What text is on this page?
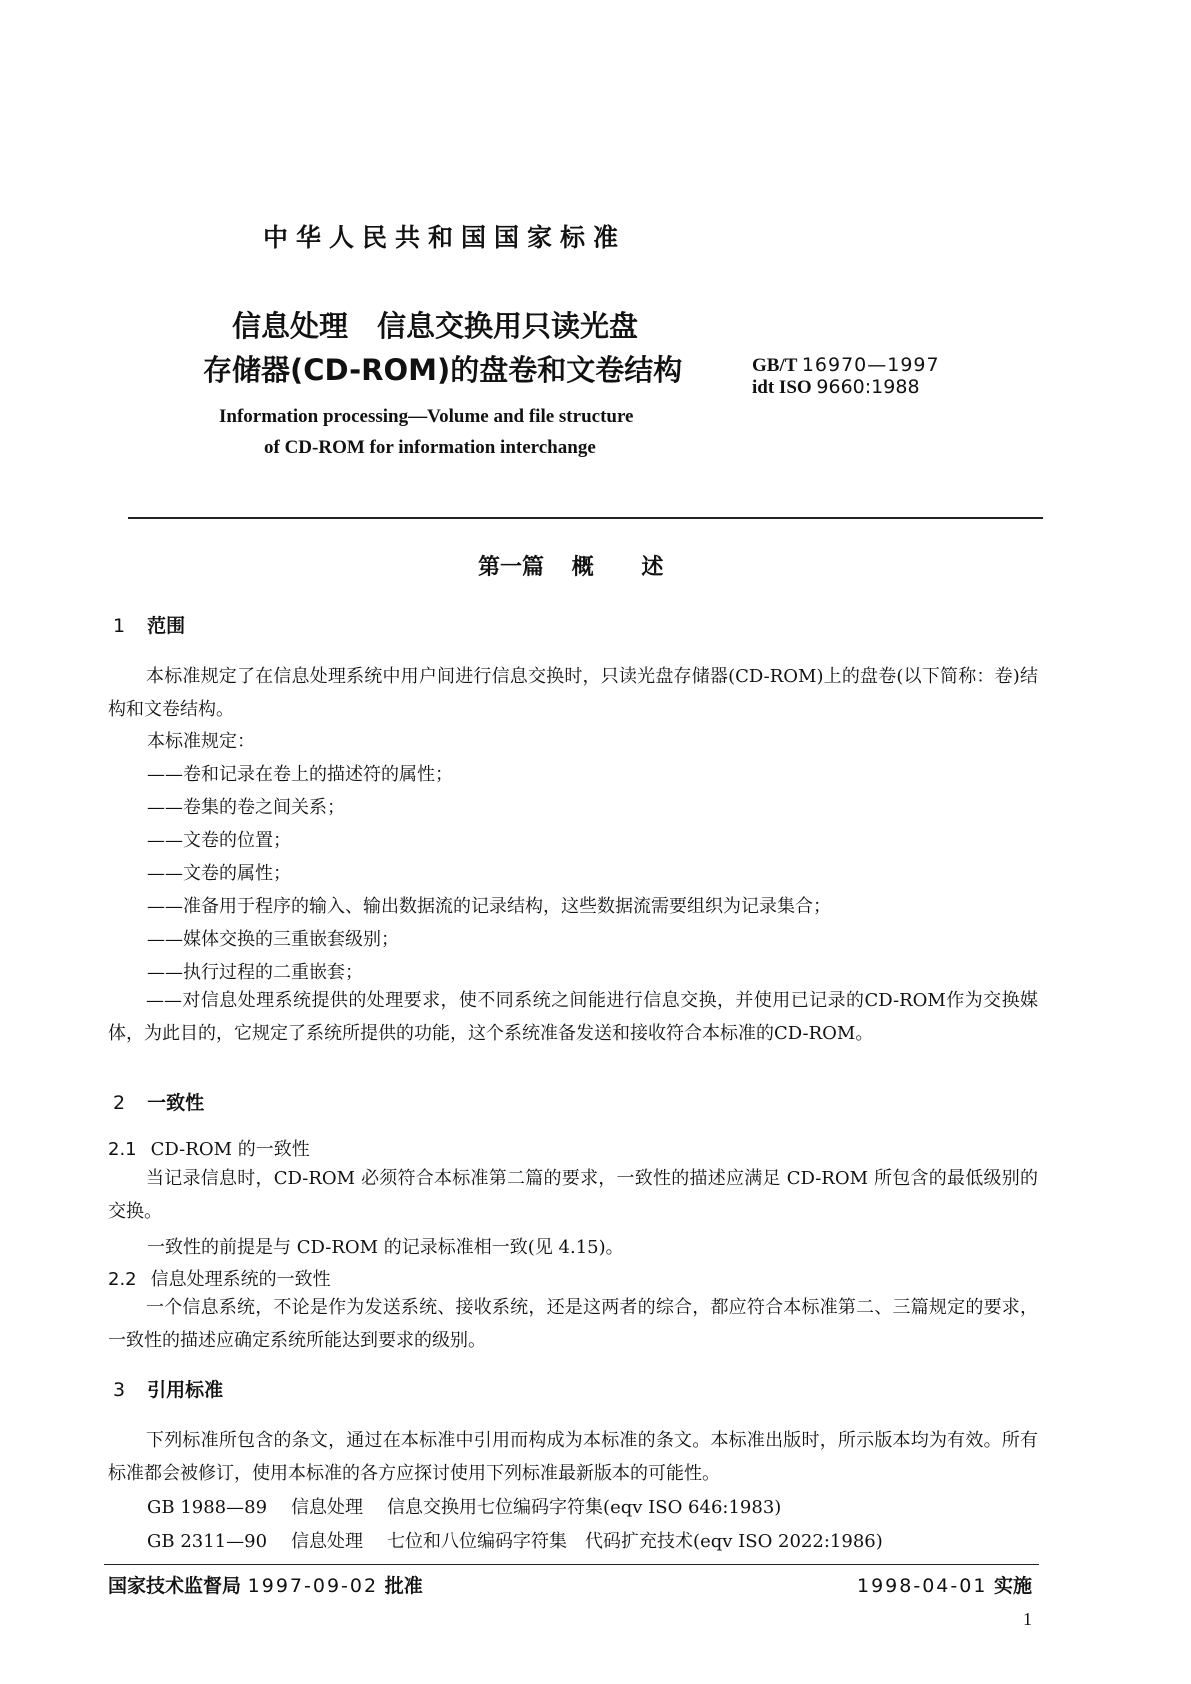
中华人民共和国国家标准
信息处理　信息交换用只读光盘
存储器(CD-ROM)的盘卷和文卷结构	GB/T 16970—1997
idt ISO 9660:1988
Information processing—Volume and file structure
of CD-ROM for information interchange
第一篇 概 述
1 范围
本标准规定了在信息处理系统中用户间进行信息交换时，只读光盘存储器(CD-ROM)上的盘卷(以下简称：卷)结构和文卷结构。
本标准规定：
——卷和记录在卷上的描述符的属性；
——卷集的卷之间关系；
——文卷的位置；
——文卷的属性；
——准备用于程序的输入、输出数据流的记录结构，这些数据流需要组织为记录集合；
——媒体交换的三重嵌套级别；
——执行过程的二重嵌套；
——对信息处理系统提供的处理要求，使不同系统之间能进行信息交换，并使用已记录的CD-ROM作为交换媒体，为此目的，它规定了系统所提供的功能，这个系统准备发送和接收符合本标准的CD-ROM。
2 一致性
2.1 CD-ROM 的一致性
当记录信息时，CD-ROM 必须符合本标准第二篇的要求，一致性的描述应满足 CD-ROM 所包含的最低级别的交换。
一致性的前提是与 CD-ROM 的记录标准相一致(见 4.15)。
2.2 信息处理系统的一致性
一个信息系统，不论是作为发送系统、接收系统，还是这两者的综合，都应符合本标准第二、三篇规定的要求，一致性的描述应确定系统所能达到要求的级别。
3 引用标准
下列标准所包含的条文，通过在本标准中引用而构成为本标准的条文。本标准出版时，所示版本均为有效。所有标准都会被修订，使用本标准的各方应探讨使用下列标准最新版本的可能性。
GB 1988—89 信息处理 信息交换用七位编码字符集(eqv ISO 646:1983)
GB 2311—90 信息处理 七位和八位编码字符集　代码扩充技术(eqv ISO 2022:1986)
国家技术监督局 1997-09-02 批准	1998-04-01 实施
1
